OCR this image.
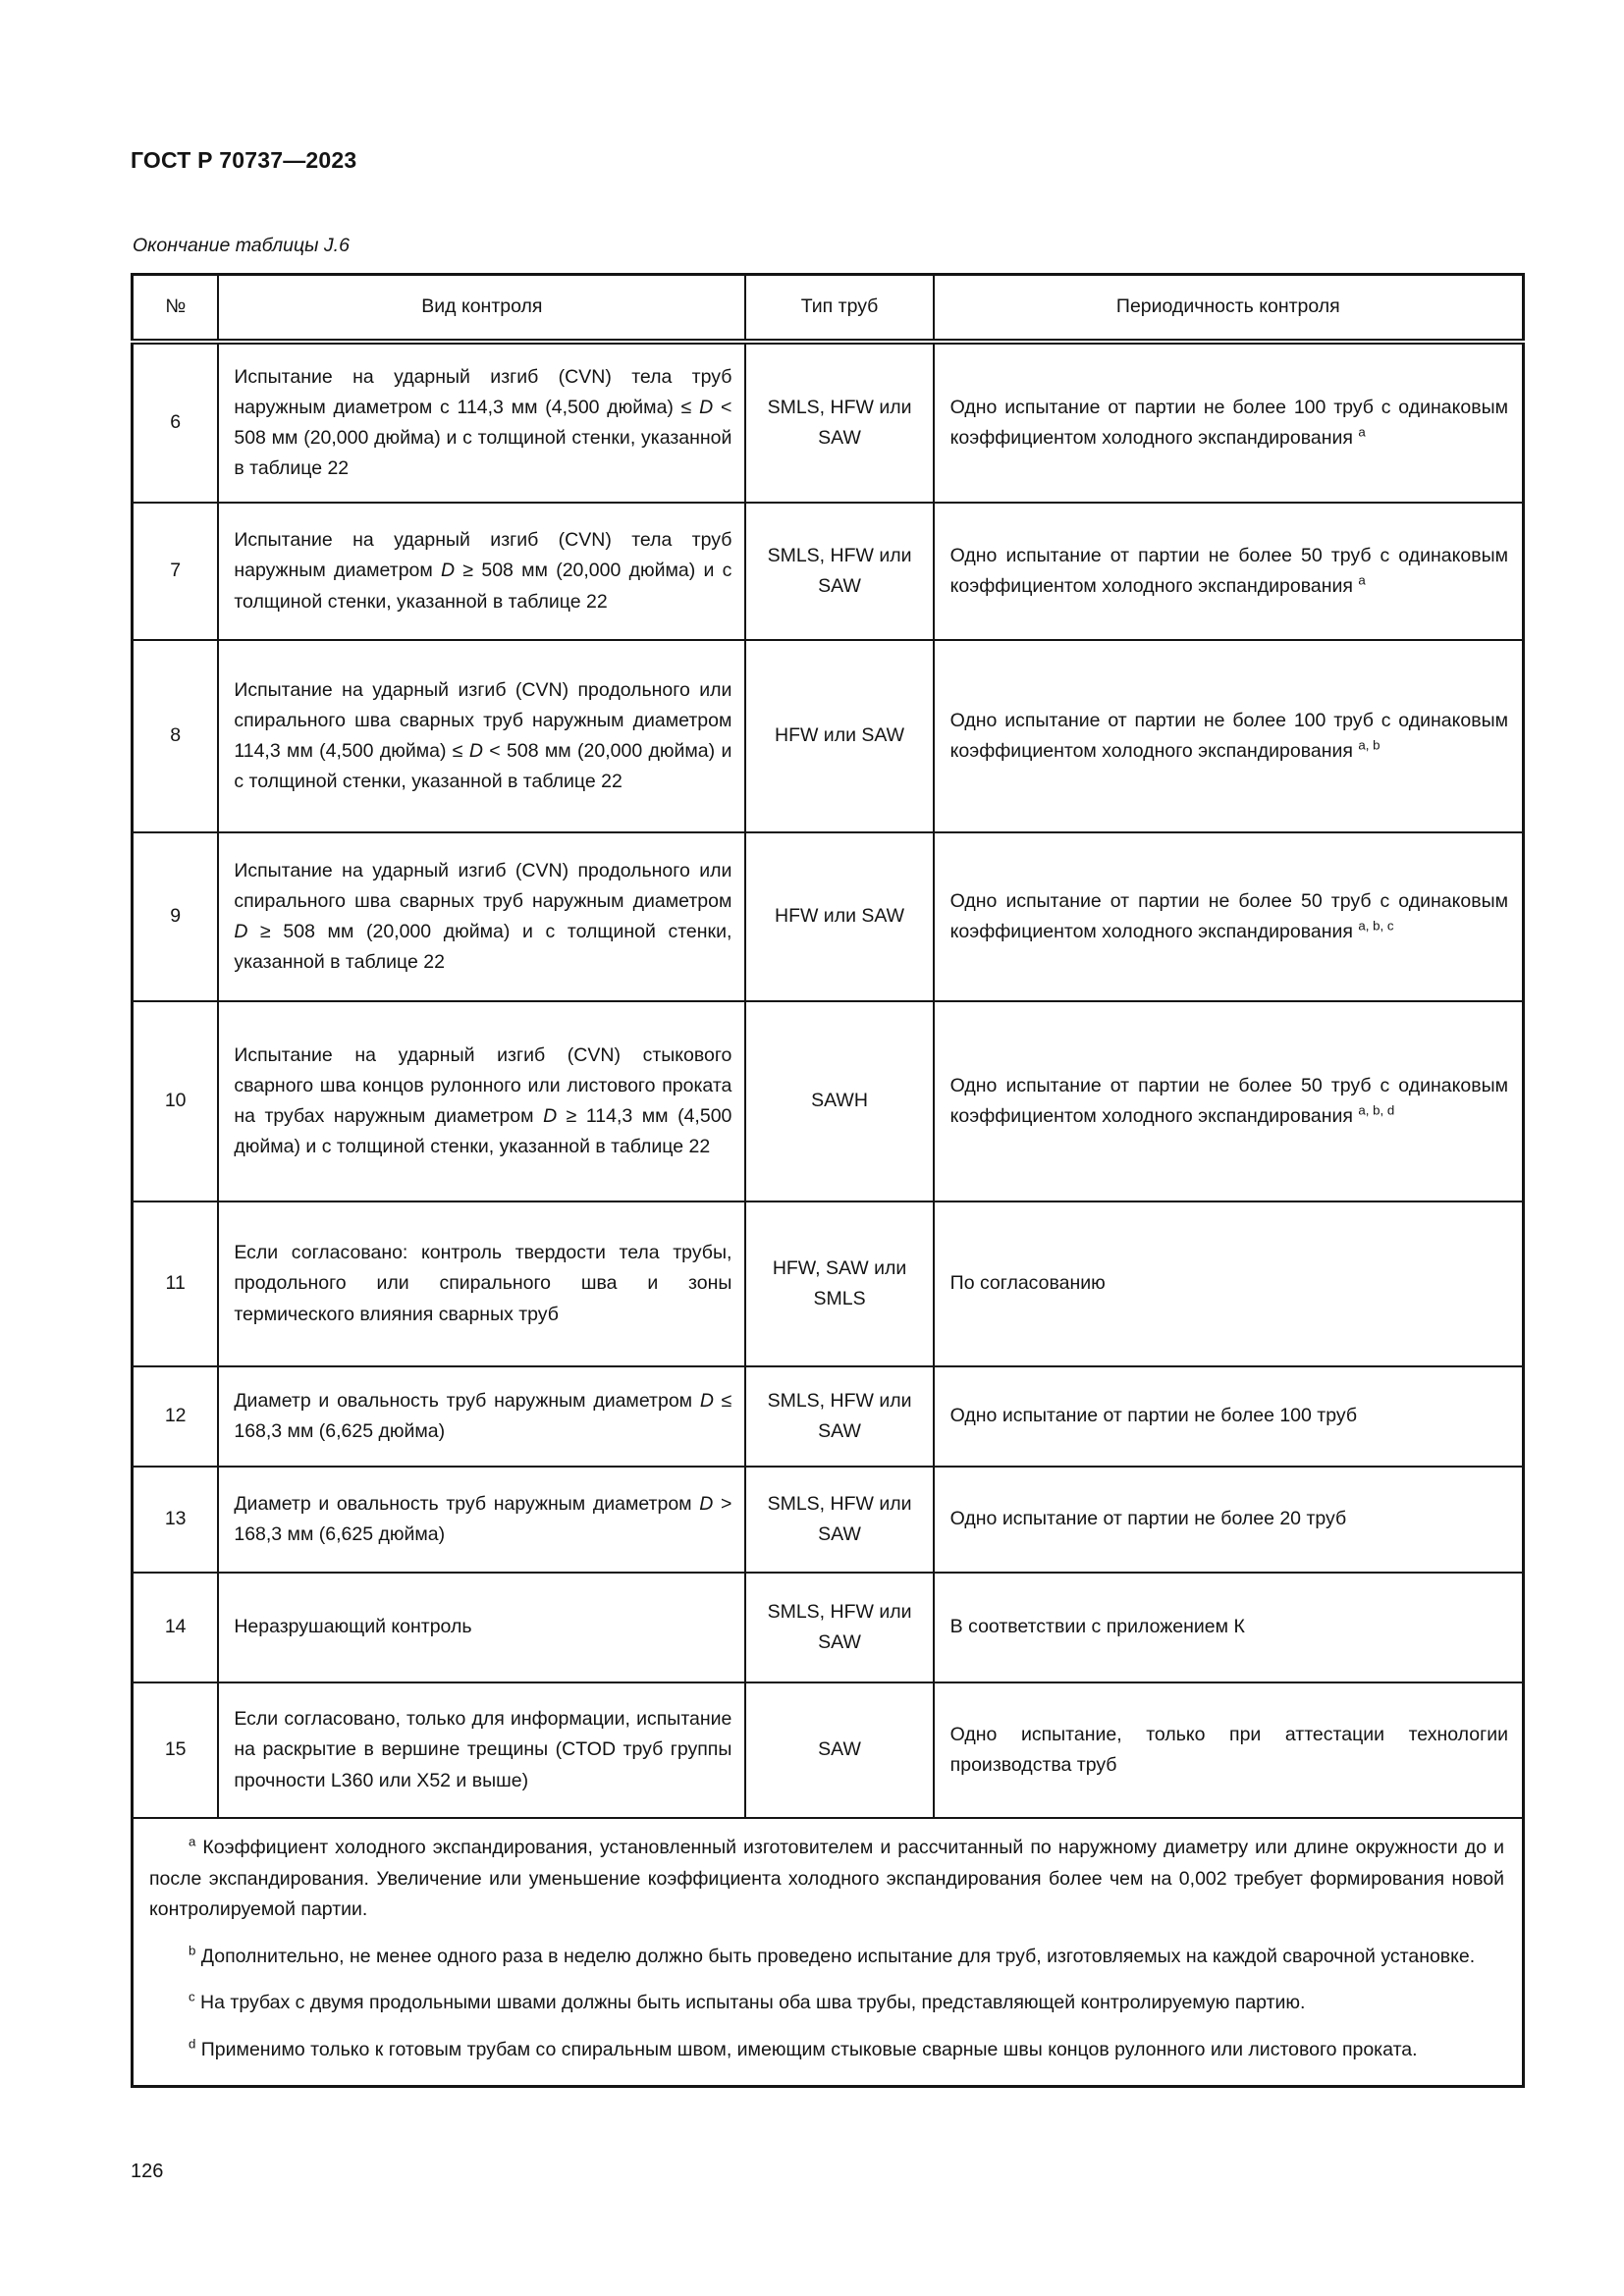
ГОСТ Р 70737—2023

Окончание таблицы J.6

№	Вид контроля	Тип труб	Периодичность контроля
6	Испытание на ударный изгиб (CVN) тела труб наружным диаметром с 114,3 мм (4,500 дюйма) ≤ D < 508 мм (20,000 дюйма) и с толщиной стенки, указанной в таблице 22	SMLS, HFW или SAW	Одно испытание от партии не более 100 труб с одинаковым коэффициентом холодного экспандирования $^a$
7	Испытание на ударный изгиб (CVN) тела труб наружным диаметром D ≥ 508 мм (20,000 дюйма) и с толщиной стенки, указанной в таблице 22	SMLS, HFW или SAW	Одно испытание от партии не более 50 труб с одинаковым коэффициентом холодного экспандирования $^a$
8	Испытание на ударный изгиб (CVN) продольного или спирального шва сварных труб наружным диаметром 114,3 мм (4,500 дюйма) ≤ D < 508 мм (20,000 дюйма) и с толщиной стенки, указанной в таблице 22	HFW или SAW	Одно испытание от партии не более 100 труб с одинаковым коэффициентом холодного экспандирования $^{a, b}$
9	Испытание на ударный изгиб (CVN) продольного или спирального шва сварных труб наружным диаметром D ≥ 508 мм (20,000 дюйма) и с толщиной стенки, указанной в таблице 22	HFW или SAW	Одно испытание от партии не более 50 труб с одинаковым коэффициентом холодного экспандирования $^{a, b, c}$
10	Испытание на ударный изгиб (CVN) стыкового сварного шва концов рулонного или листового проката на трубах наружным диаметром D ≥ 114,3 мм (4,500 дюйма) и с толщиной стенки, указанной в таблице 22	SAWH	Одно испытание от партии не более 50 труб с одинаковым коэффициентом холодного экспандирования $^{a, b, d}$
11	Если согласовано: контроль твердости тела трубы, продольного или спирального шва и зоны термического влияния сварных труб	HFW, SAW или SMLS	По согласованию
12	Диаметр и овальность труб наружным диаметром D ≤ 168,3 мм (6,625 дюйма)	SMLS, HFW или SAW	Одно испытание от партии не более 100 труб
13	Диаметр и овальность труб наружным диаметром D > 168,3 мм (6,625 дюйма)	SMLS, HFW или SAW	Одно испытание от партии не более 20 труб
14	Неразрушающий контроль	SMLS, HFW или SAW	В соответствии с приложением К
15	Если согласовано, только для информации, испытание на раскрытие в вершине трещины (CTOD труб группы прочности L360 или X52 и выше)	SAW	Одно испытание, только при аттестации технологии производства труб

$^a$ Коэффициент холодного экспандирования, установленный изготовителем и рассчитанный по наружному диаметру или длине окружности до и после экспандирования. Увеличение или уменьшение коэффициента холодного экспандирования более чем на 0,002 требует формирования новой контролируемой партии.

$^b$ Дополнительно, не менее одного раза в неделю должно быть проведено испытание для труб, изготовляемых на каждой сварочной установке.

$^c$ На трубах с двумя продольными швами должны быть испытаны оба шва трубы, представляющей контролируемую партию.

$^d$ Применимо только к готовым трубам со спиральным швом, имеющим стыковые сварные швы концов рулонного или листового проката.			

126
